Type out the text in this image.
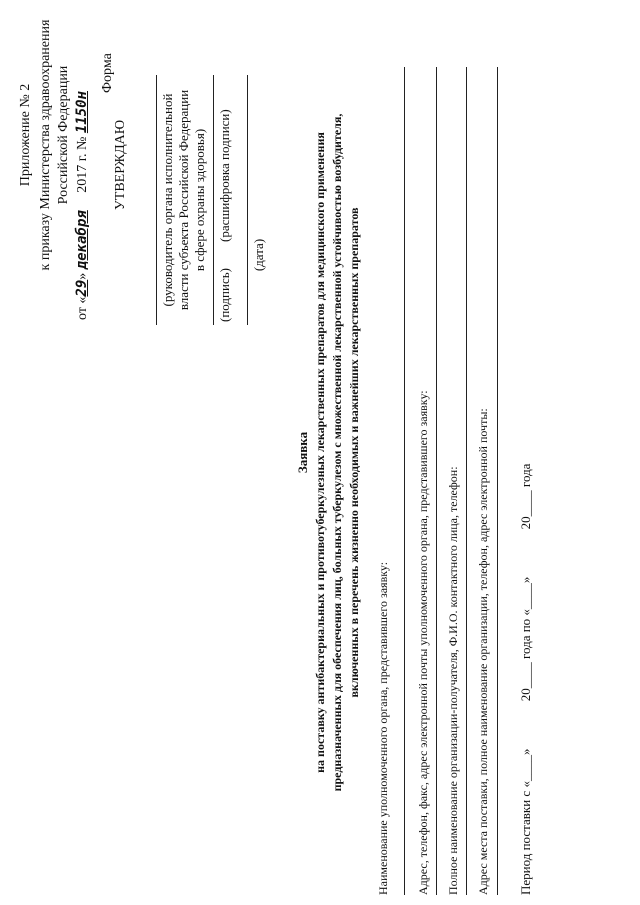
Приложение № 2 к приказу Министерства здравоохранения Российской Федерации
от «29» декабря 2017 г. № 1150н
Форма
УТВЕРЖДАЮ (руководитель органа исполнительной власти субъекта Российской Федерации в сфере охраны здоровья)
(подпись)
(расшифровка подписи)
(дата)
Заявка на поставку антибактериальных и противотуберкулезных лекарственных препаратов для медицинского применения предназначенных для обеспечения лиц, больных туберкулезом с множественной лекарственной устойчивостью возбудителя, включенных в перечень жизненно необходимых и важнейших лекарственных препаратов
Наименование уполномоченного органа, представившего заявку: Адрес, телефон, факс, адрес электронной почты уполномоченного органа, представившего заявку: Полное наименование организации-получателя, Ф.И.О. контактного лица, телефон: Адрес места поставки, полное наименование организации, телефон, адрес электронной почты: Период поставки с «____» 20____ года по «____» 20____ года
